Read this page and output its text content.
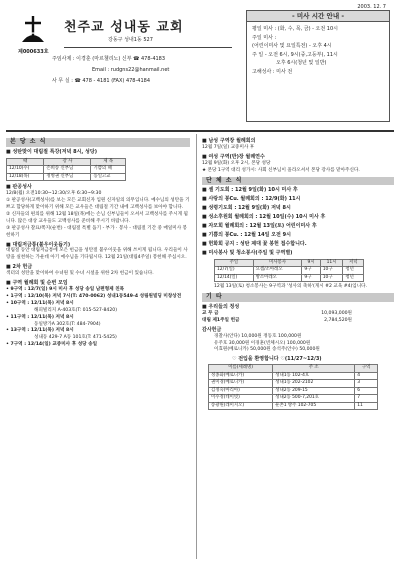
2003. 12. 7
제000633호
천주교 성내동 교회
강동구 성내1동 527
주임사제 : 이경훈 (마르첼리노) 신부 ☎ 478-4183
Email : rudgns22@hanmail.net
사 무 실 : ☎ 478 - 4181 (FAX) 478-4184
- 미사 시간 안내 -
평일 미사 : (화, 수, 목, 금) - 오전 10시
주일 미사 :
(어린이미사 및 요일특전) - 오후 4시
주 일 - 오전 6시, 9시(중,고등부), 11시
오후 6시(청년 및 일반)
고해성사 : 미사 전
본 당 소 식
■ 성탄맞이 대림절 특강(저녁 8시, 성당)
때	강 사	제 목
12/10(수)	손희송 신부님	기쁨의 때
12/18(목)	정병권 신부님	동일고교
■ 판공성사

12/8(월) 오전10:30~12:30/오후 6:30~9:30

① 판공성사(고백성사)를 보는 모든 교회신자 입원 신자일의 의무입니다. 예수님의 성탄을 기쁘고 합당하게 맞이하기 위해 모든 교우들은 대림절 기간 내에 고백성사를 보아야 합니다.

② 신자들의 편의를 위해 12월 18일(목)에는 손님 신부님들이 오셔서 고백성사를 주시게 됩니다. 많은 대상 교우들도 고백성사를 준비해 주시기 바랍니다.

③ 판공성사 찰표/쪽지(순번) - 대림절 특별 돕기 - 부가 · 봉사 - 대림절 기간 중 매일미사 봉헌하기

■ 대림저금통(불우이웃돕기)

대림절 동안 대림저금통에 모은 헌금을 성탄절 불우이웃을 위해 쓰이게 됩니다. 우리들이 사랑을 실천하는 가운데 아기 예수님을 기다립시다. 12월 21일(대림4주일) 봉헌해 주십시오.

■ 2차 헌금

섹터의 성탄을 맞이하여 수녀원 및 수녀 시설을 위한 2차 헌금이 있습니다.

■ 구역 월례회 및 순번 모임
• 9구역 : 12/7(일) 9시 미사 후 성당 송일 남편형제 친목
• 1구역 : 12/10(목) 저녁 7시(T: 470-0062) 성내1동549-4 성림원빌딩 미창상전
• 10구역 : 12/11(목) 저녁 8시
해피빌리지 A-403호(T: 015-527-8420)
• 11구역 : 12/11(목) 저녁 8시
동일방가A 302호(T: 484-7904)
• 13구역 : 12/11(목) 저녁 8시
성내동 429-7 A동 101호(T: 471-5425)
• 7구역 : 12/14(일) 교중미사 후 성당 송일
■ 남성 구역장 월례회의
12월 7일(일) 교중미사 후
■ 여성 구역(반)장 월례연수
12월 9일(화) 오후 2시, 본당 성당
★ 본당 1구역 대리 성가시: 사회 신부님이 올라오셔서 본당 강사를 맡아주신다.
단 체 소 식
■ 셀 기도회 : 12월 9일(화) 10시 미사 후
■ 사랑의 봉Cu. 월례회의 : 12/9(화) 11시
■ 성령기도회 : 12월 9일(화) 저녁 8시
■ 성소후원회 월례회의 : 12월 10일(수) 10시 미사 후
■ 자모회 월례회의 : 12월 13일(토) 어린이미사 후
■ 기쁨의 봉Cu. : 12월 14일 오전 9시
■ 헌화회 공지 : 성탄 제대 꽃 봉헌 접수합니다.
■ 미사봉사 및 청소봉사(주일 및 구역별)
주일	미사봉사	9시	11시	저녁
12/7(일)	요셉/소아레오	9구	10구	청년
12/14(일)	방소아레오	9구	10구	청년
12월 13일(토) 청소봉사는 9구역과 '성사의 축하'(게시 #2 교육 #4)입니다.
기 타
■ 우리들의 정성
교 무 금	10,093,000원
대림 제1주일 헌금	2,784,520원
감사헌금
경찰사(안다) 10,000원 정동호 100,000원
유주호 30,000원 이경훈(빈체시오) 100,000원
이효원(베로니카) 50,000원 송석주(안수) 50,000원
♡ 전입을 환영합니다 ♡(11/27~12/3)
이름(세례명)	주 소	구역
정종화(베로니카)	성내1동 102-4호	4
권미경(베로니카)	성내1동 202-2102	3
김정숙(마리아)	성내2동 209-15	6
이수정(데이빗)	성내2동 500-7,201호	7
송광원(레미지오)	둔촌1 방주 102-705	11
